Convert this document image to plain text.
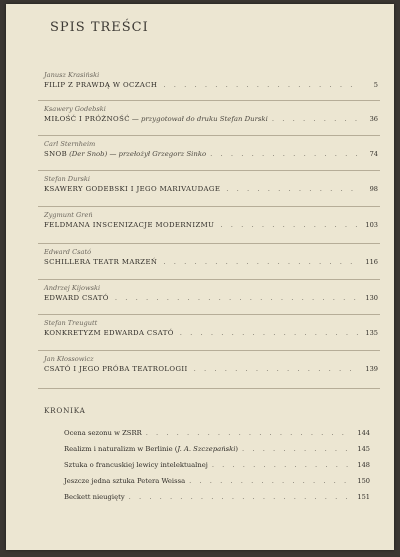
SPIS TREŚCI
Janusz Krasiński
FILIP Z PRAWDĄ W OCZACH . . .	5
Ksawery Godebski
MIŁOŚĆ I PRÓŻNOŚĆ — przygotował do druku Stefan Durski . . .	36
Carl Sternheim
SNOB (Der Snob) — przełożył Grzegorz Sinko . . .	74
Stefan Durski
KSAWERY GODEBSKI I JEGO MARIVAUDAGE . . .	98
Zygmunt Greń
FELDMANA INSCENIZACJE MODERNIZMU . . .	103
Edward Csató
SCHILLERA TEATR MARZEŃ . . .	116
Andrzej Kijowski
EDWARD CSATÓ . . .	130
Stefan Treugutt
KONKRETYZM EDWARDA CSATÓ . . .	135
Jan Kłossowicz
CSATÓ I JEGO PRÓBA TEATROLOGII . . .	139
KRONIKA
Ocena sezonu w ZSRR . . .	144
Realizm i naturalizm w Berlinie ( J. A. Szczepański ) . . .	145
Sztuka o francuskiej lewicy intelektualnej . . .	148
Jeszcze jedna sztuka Petera Weissa . . .	150
Beckett nieugięty . . .	151
